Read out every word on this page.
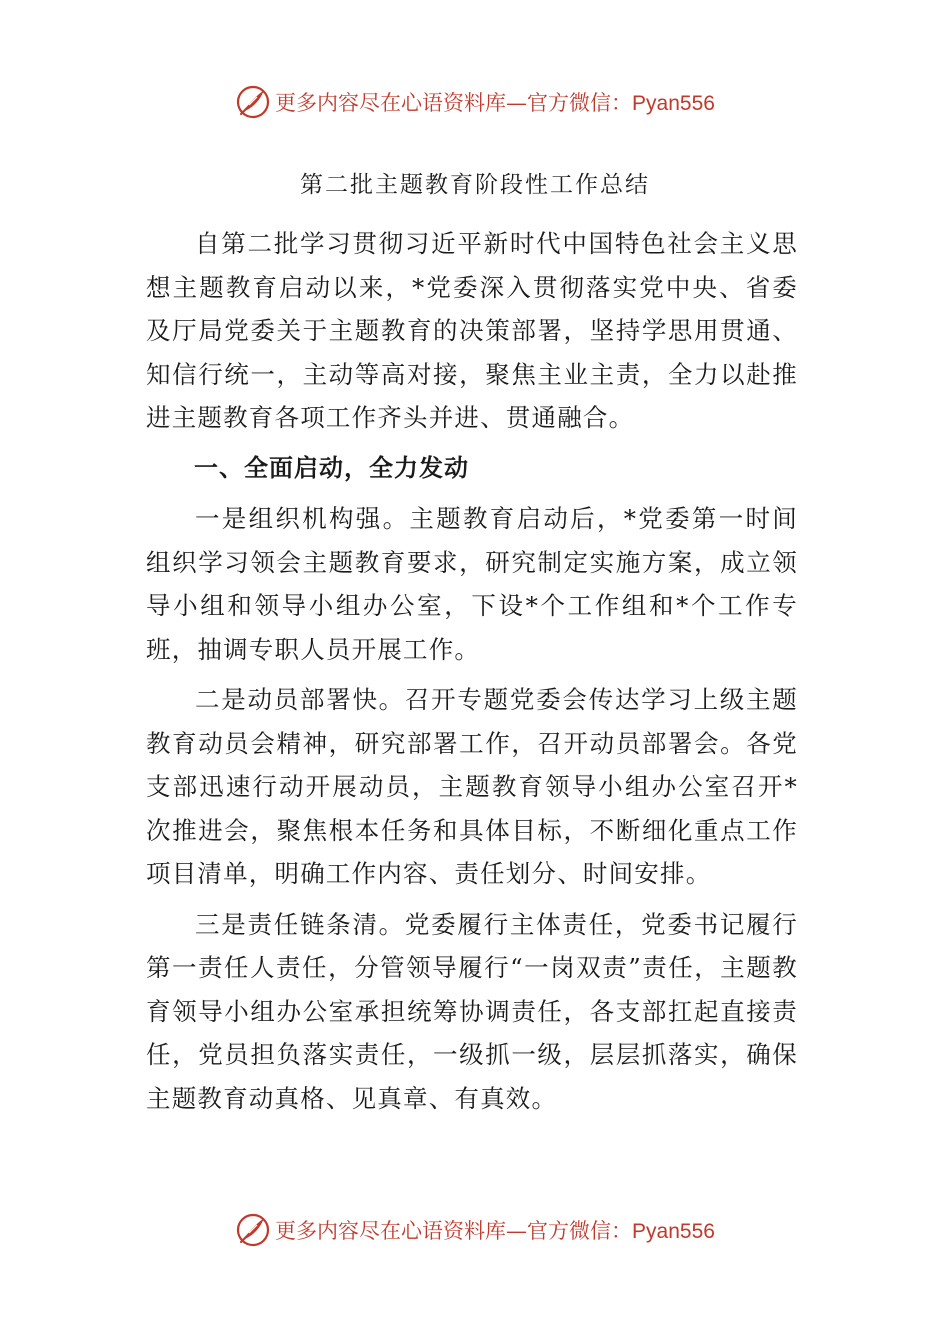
更多内容尽在心语资料库—官方微信：Pyan556
第二批主题教育阶段性工作总结

自第二批学习贯彻习近平新时代中国特色社会主义思想主题教育启动以来，*党委深入贯彻落实党中央、省委及厅局党委关于主题教育的决策部署，坚持学思用贯通、知信行统一，主动等高对接，聚焦主业主责，全力以赴推进主题教育各项工作齐头并进、贯通融合。

一、全面启动，全力发动

一是组织机构强。主题教育启动后，*党委第一时间组织学习领会主题教育要求，研究制定实施方案，成立领导小组和领导小组办公室，下设*个工作组和*个工作专班，抽调专职人员开展工作。

二是动员部署快。召开专题党委会传达学习上级主题教育动员会精神，研究部署工作，召开动员部署会。各党支部迅速行动开展动员，主题教育领导小组办公室召开*次推进会，聚焦根本任务和具体目标，不断细化重点工作项目清单，明确工作内容、责任划分、时间安排。

三是责任链条清。党委履行主体责任，党委书记履行第一责任人责任，分管领导履行“一岗双责”责任，主题教育领导小组办公室承担统筹协调责任，各支部扛起直接责任，党员担负落实责任，一级抓一级，层层抓落实，确保主题教育动真格、见真章、有真效。

更多内容尽在心语资料库—官方微信：Pyan556
